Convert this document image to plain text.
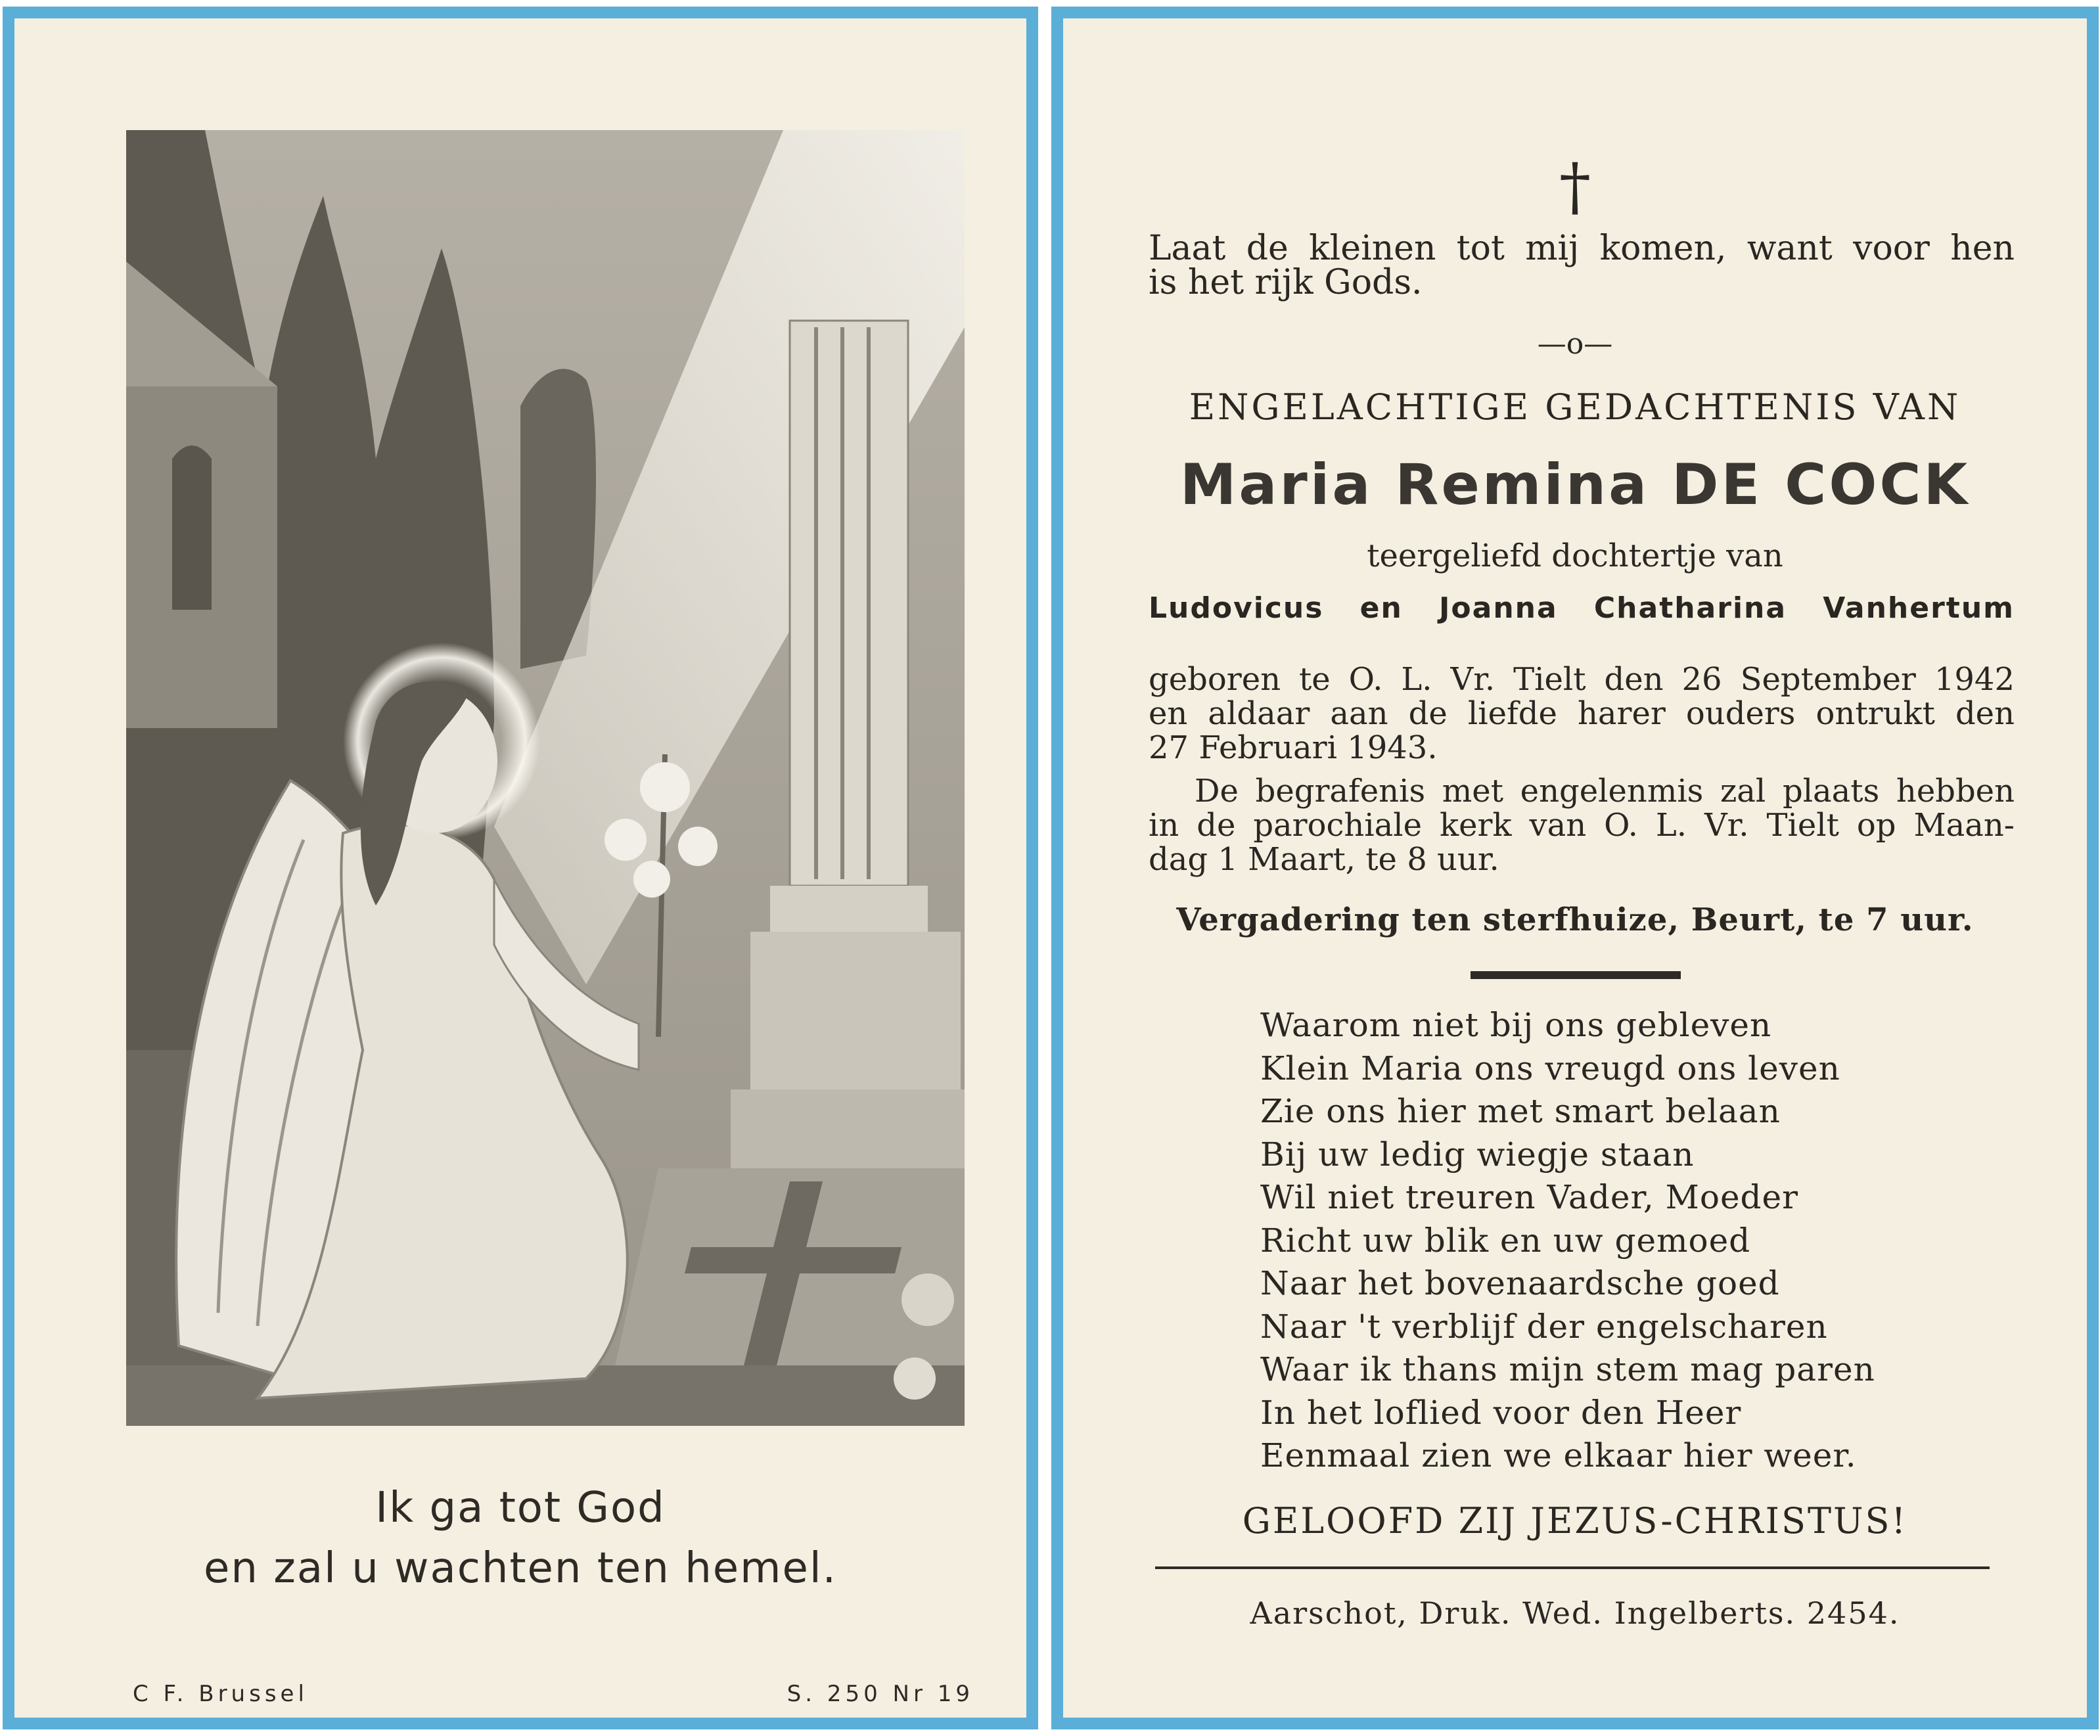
Ik ga tot God
en zal u wachten ten hemel.
C F. Brussel	S. 250 Nr 19
†
Laat de kleinen tot mij komen, want voor hen
is het rijk Gods.
—o—
ENGELACHTIGE GEDACHTENIS VAN
Maria Remina DE COCK
teergeliefd dochtertje van
Ludovicus en Joanna Chatharina Vanhertum
geboren te O. L. Vr. Tielt den 26 September 1942
en aldaar aan de liefde harer ouders ontrukt den
27 Februari 1943.
De begrafenis met engelenmis zal plaats hebben
in de parochiale kerk van O. L. Vr. Tielt op Maan-
dag 1 Maart, te 8 uur.
Vergadering ten sterfhuize, Beurt, te 7 uur.
Waarom niet bij ons gebleven
Klein Maria ons vreugd ons leven
Zie ons hier met smart belaan
Bij uw ledig wiegje staan
Wil niet treuren Vader, Moeder
Richt uw blik en uw gemoed
Naar het bovenaardsche goed
Naar 't verblijf der engelscharen
Waar ik thans mijn stem mag paren
In het loflied voor den Heer
Eenmaal zien we elkaar hier weer.
GELOOFD ZIJ JEZUS-CHRISTUS!
Aarschot, Druk. Wed. Ingelberts. 2454.
